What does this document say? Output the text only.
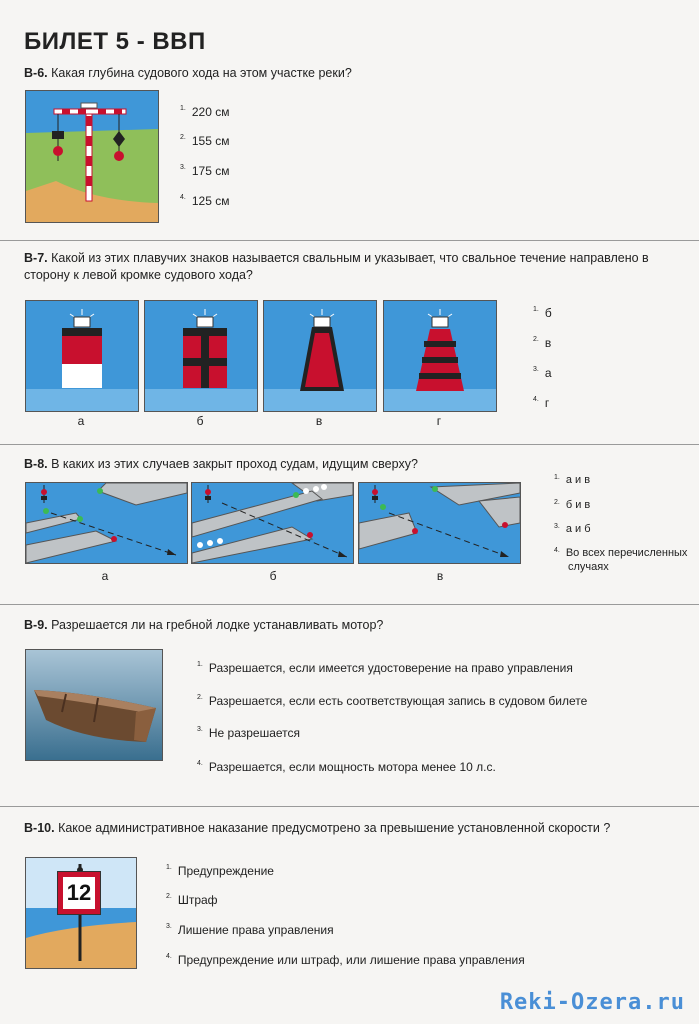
БИЛЕТ 5 - ВВП
В-6. Какая глубина судового хода на этом участке реки?
$^{1.}$ 220 см
$^{2.}$ 155 см
$^{3.}$ 175 см
$^{4.}$ 125 см
В-7. Какой из этих плавучих знаков называется свальным и указывает, что свальное течение направлено в сторону к левой кромке судового хода?
а	б	в	г
$^{1.}$ б
$^{2.}$ в
$^{3.}$ а
$^{4.}$ г
В-8. В каких из этих случаев закрыт проход судам, идущим сверху?
а	б	в
$^{1.}$ а и в
$^{2.}$ б и в
$^{3.}$ а и б
$^{4.}$ Во всех перечисленных
случаях
В-9. Разрешается ли на гребной лодке устанавливать мотор?
$^{1.}$ Разрешается, если имеется удостоверение на право управления
$^{2.}$ Разрешается, если есть соответствующая запись в судовом билете
$^{3.}$ Не разрешается
$^{4.}$ Разрешается, если мощность мотора менее 10 л.с.
В-10. Какое административное наказание предусмотрено за превышение установленной скорости ?
12
$^{1.}$ Предупреждение
$^{2.}$ Штраф
$^{3.}$ Лишение права управления
$^{4.}$ Предупреждение или штраф, или лишение права управления
Reki-Ozera.ru
